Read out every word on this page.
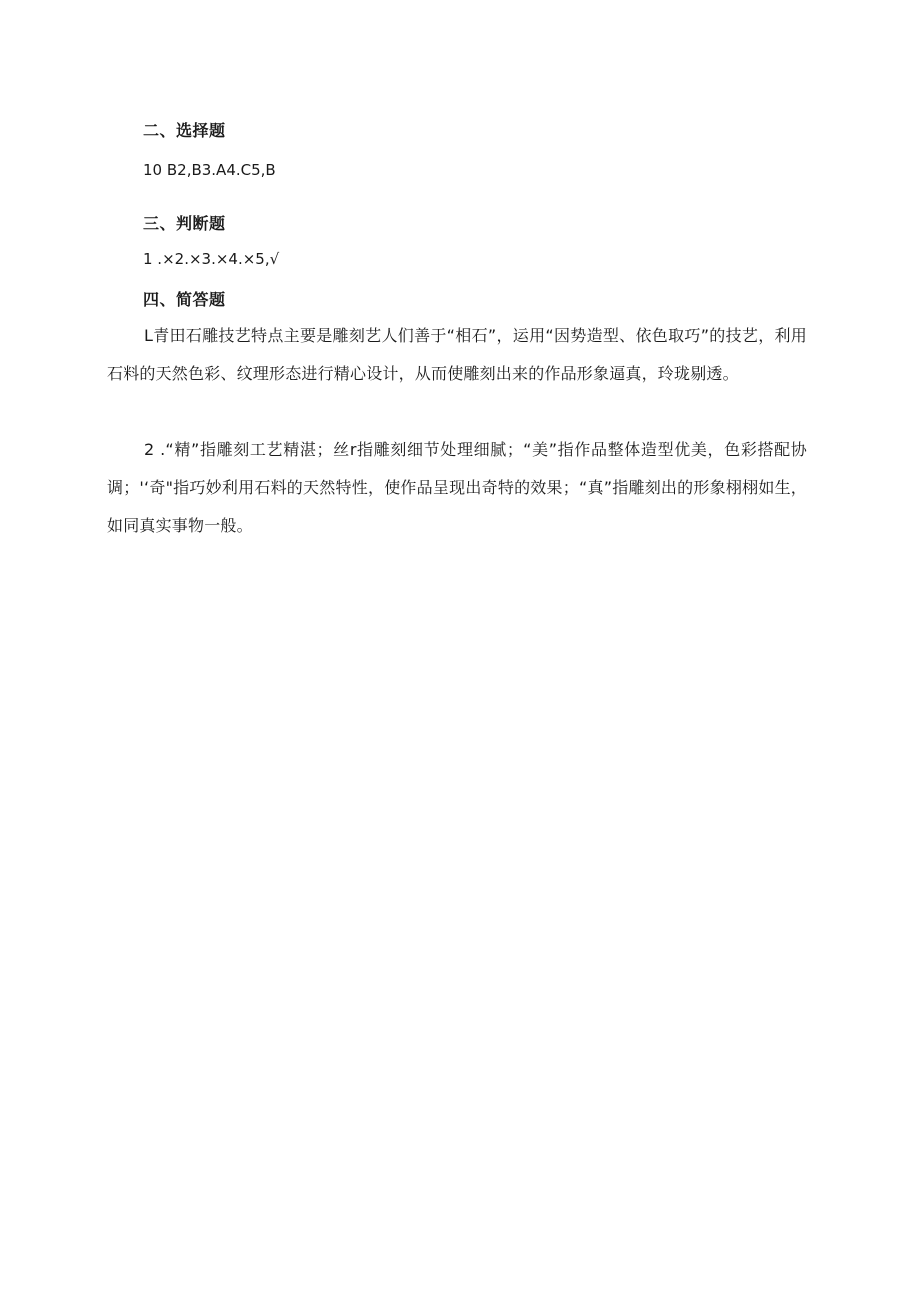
二、选择题
10 B2,B3.A4.C5,B
三、判断题
1 .×2.×3.×4.×5,√
四、简答题
L青田石雕技艺特点主要是雕刻艺人们善于“相石”，运用“因势造型、依色取巧”的技艺，利用石料的天然色彩、纹理形态进行精心设计，从而使雕刻出来的作品形象逼真，玲珑剔透。
2 .“精”指雕刻工艺精湛；丝r指雕刻细节处理细腻；“美”指作品整体造型优美，色彩搭配协调；'‘奇"指巧妙利用石料的天然特性，使作品呈现出奇特的效果；“真”指雕刻出的形象栩栩如生，如同真实事物一般。
